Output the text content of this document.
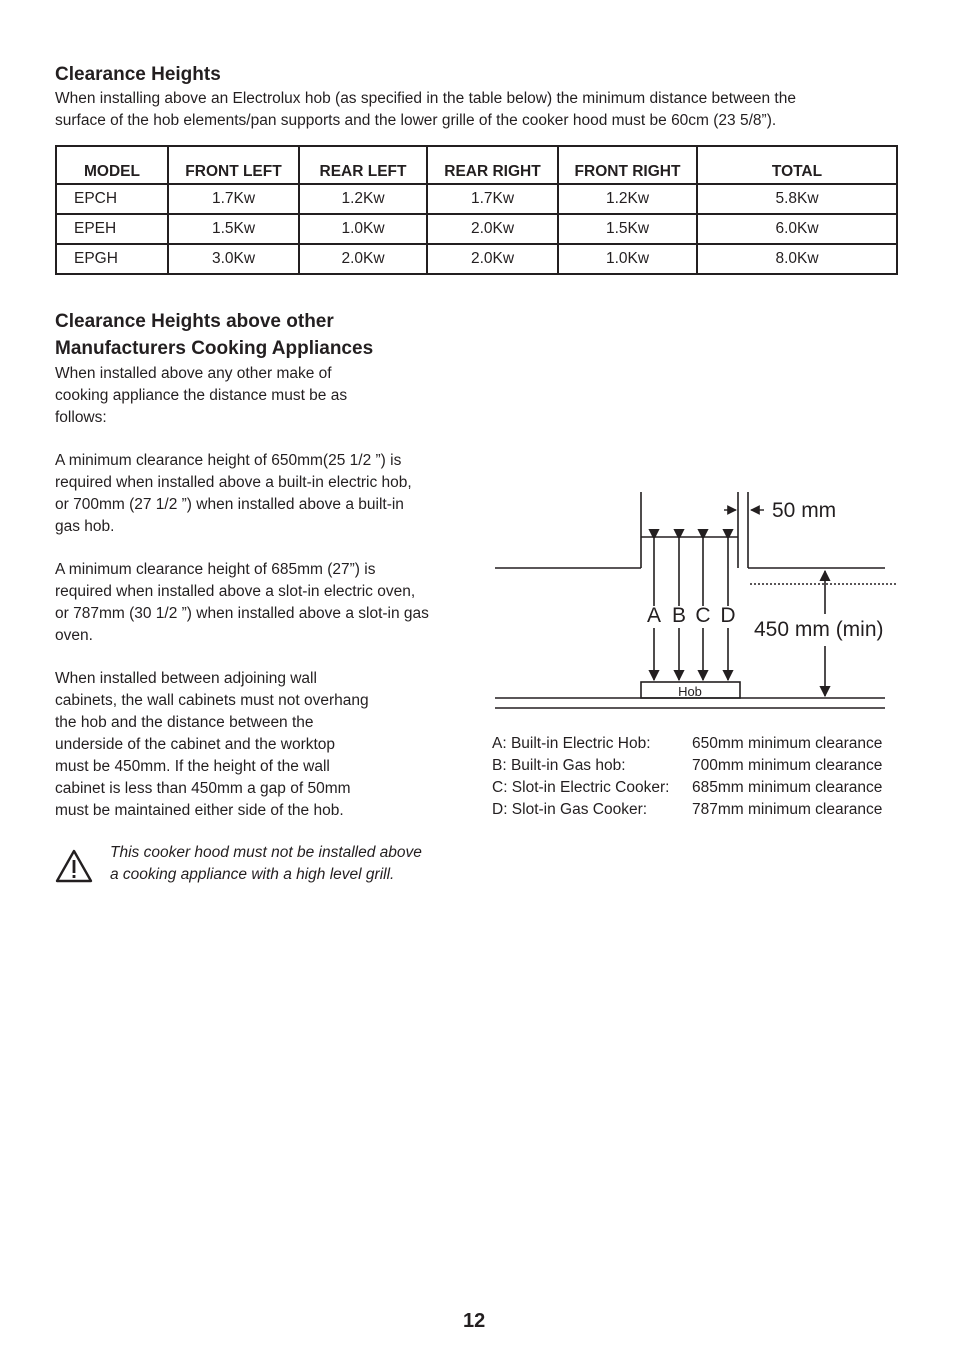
Clearance Heights
When installing above an Electrolux hob (as specified in the table below) the minimum distance between the
surface of the hob elements/pan supports and the lower grille of the cooker hood must be 60cm (23 5/8”).
MODEL	FRONT LEFT	REAR LEFT	REAR RIGHT	FRONT RIGHT	TOTAL
EPCH	1.7Kw	1.2Kw	1.7Kw	1.2Kw	5.8Kw
EPEH	1.5Kw	1.0Kw	2.0Kw	1.5Kw	6.0Kw
EPGH	3.0Kw	2.0Kw	2.0Kw	1.0Kw	8.0Kw
Clearance Heights above other
Manufacturers Cooking Appliances
When installed above any other make of
cooking appliance the distance must be as
follows:
A minimum clearance height of 650mm(25 1/2 ”) is
required when installed above a built-in electric hob,
or 700mm (27 1/2 ”) when installed above a built-in
gas hob.
A minimum clearance height of 685mm (27”) is
required when installed above a slot-in electric oven,
or 787mm (30 1/2 ”) when installed above a slot-in gas
oven.
When installed between adjoining wall
cabinets, the wall cabinets must not overhang
the hob and the distance between the
underside of the cabinet and the worktop
must be 450mm. If the height of the wall
cabinet is less than 450mm a gap of 50mm
must be maintained either side of the hob.
This cooker hood must not be installed above
a cooking appliance with a high level grill.
50 mm
A B C D
450 mm (min)
Hob
A: Built-in Electric Hob:	650mm minimum clearance
B: Built-in Gas hob:	700mm minimum clearance
C: Slot-in Electric Cooker:	685mm minimum clearance
D: Slot-in Gas Cooker:	787mm minimum clearance
12
